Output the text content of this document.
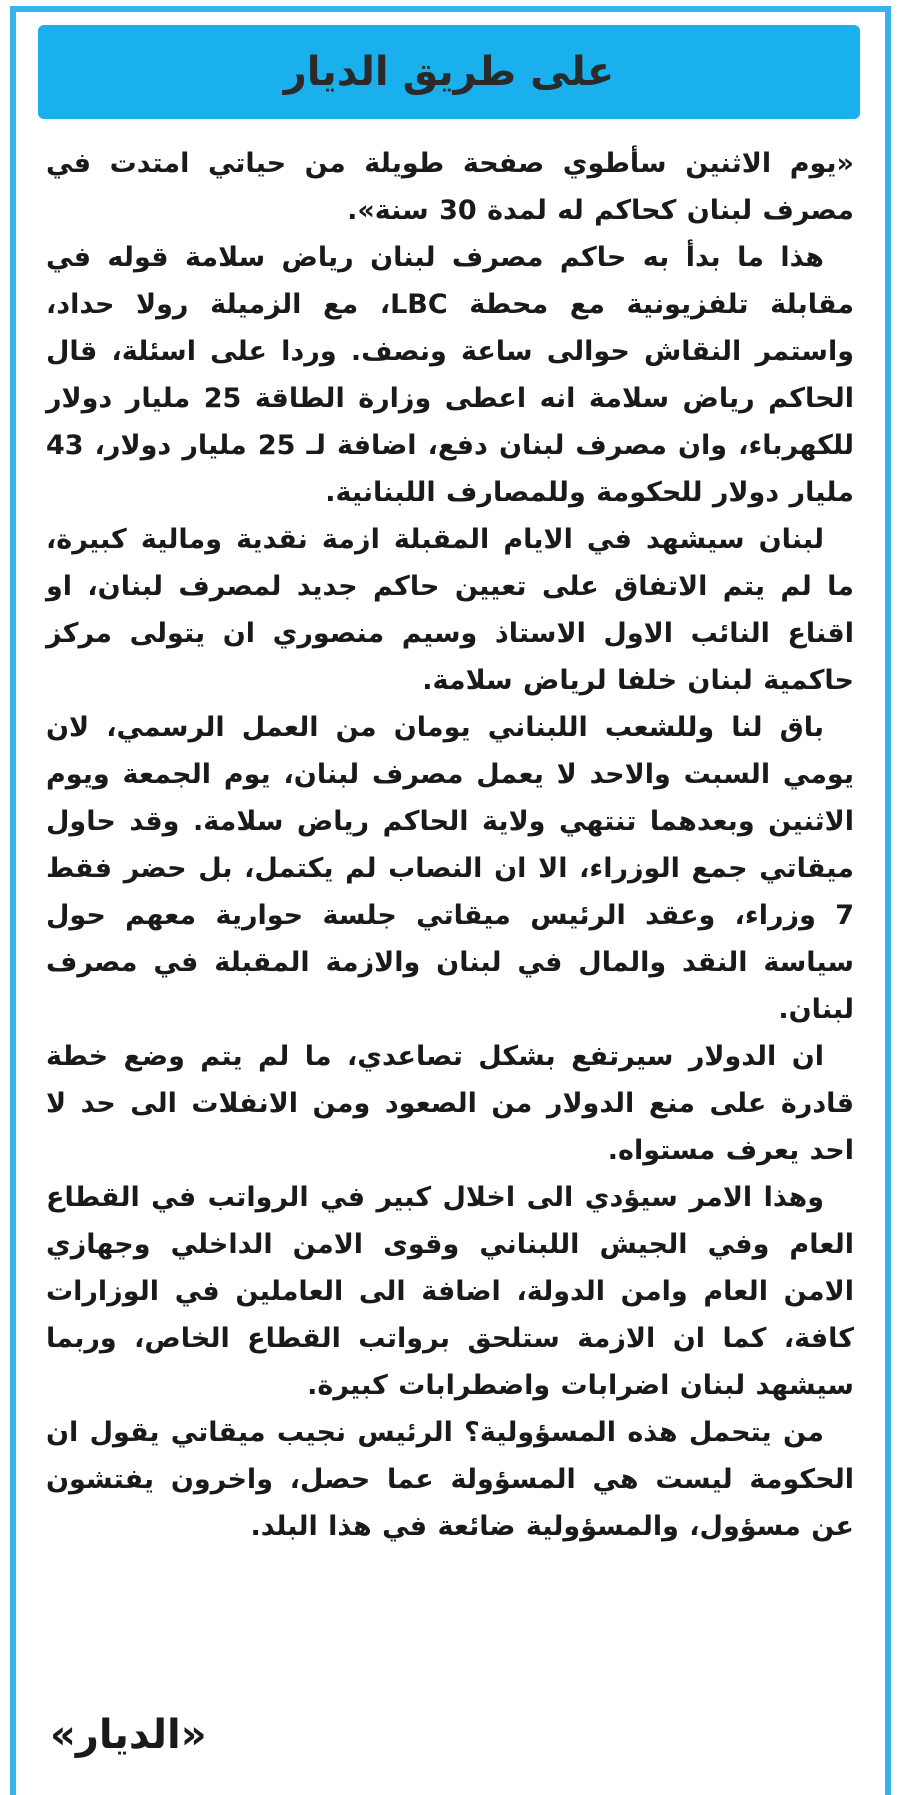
على طريق الديار

«يوم الاثنين سأطوي صفحة طويلة من حياتي امتدت في مصرف لبنان كحاكم له لمدة 30 سنة».

هذا ما بدأ به حاكم مصرف لبنان رياض سلامة قوله في مقابلة تلفزيونية مع محطة LBC، مع الزميلة رولا حداد، واستمر النقاش حوالى ساعة ونصف. وردا على اسئلة، قال الحاكم رياض سلامة انه اعطى وزارة الطاقة 25 مليار دولار للكهرباء، وان مصرف لبنان دفع، اضافة لـ 25 مليار دولار، 43 مليار دولار للحكومة وللمصارف اللبنانية.

لبنان سيشهد في الايام المقبلة ازمة نقدية ومالية كبيرة، ما لم يتم الاتفاق على تعيين حاكم جديد لمصرف لبنان، او اقناع النائب الاول الاستاذ وسيم منصوري ان يتولى مركز حاكمية لبنان خلفا لرياض سلامة.

باق لنا وللشعب اللبناني يومان من العمل الرسمي، لان يومي السبت والاحد لا يعمل مصرف لبنان، يوم الجمعة ويوم الاثنين وبعدهما تنتهي ولاية الحاكم رياض سلامة. وقد حاول ميقاتي جمع الوزراء، الا ان النصاب لم يكتمل، بل حضر فقط 7 وزراء، وعقد الرئيس ميقاتي جلسة حوارية معهم حول سياسة النقد والمال في لبنان والازمة المقبلة في مصرف لبنان.

ان الدولار سيرتفع بشكل تصاعدي، ما لم يتم وضع خطة قادرة على منع الدولار من الصعود ومن الانفلات الى حد لا احد يعرف مستواه.

وهذا الامر سيؤدي الى اخلال كبير في الرواتب في القطاع العام وفي الجيش اللبناني وقوى الامن الداخلي وجهازي الامن العام وامن الدولة، اضافة الى العاملين في الوزارات كافة، كما ان الازمة ستلحق برواتب القطاع الخاص، وربما سيشهد لبنان اضرابات واضطرابات كبيرة.

من يتحمل هذه المسؤولية؟ الرئيس نجيب ميقاتي يقول ان الحكومة ليست هي المسؤولة عما حصل، واخرون يفتشون عن مسؤول، والمسؤولية ضائعة في هذا البلد.

«الديار»
